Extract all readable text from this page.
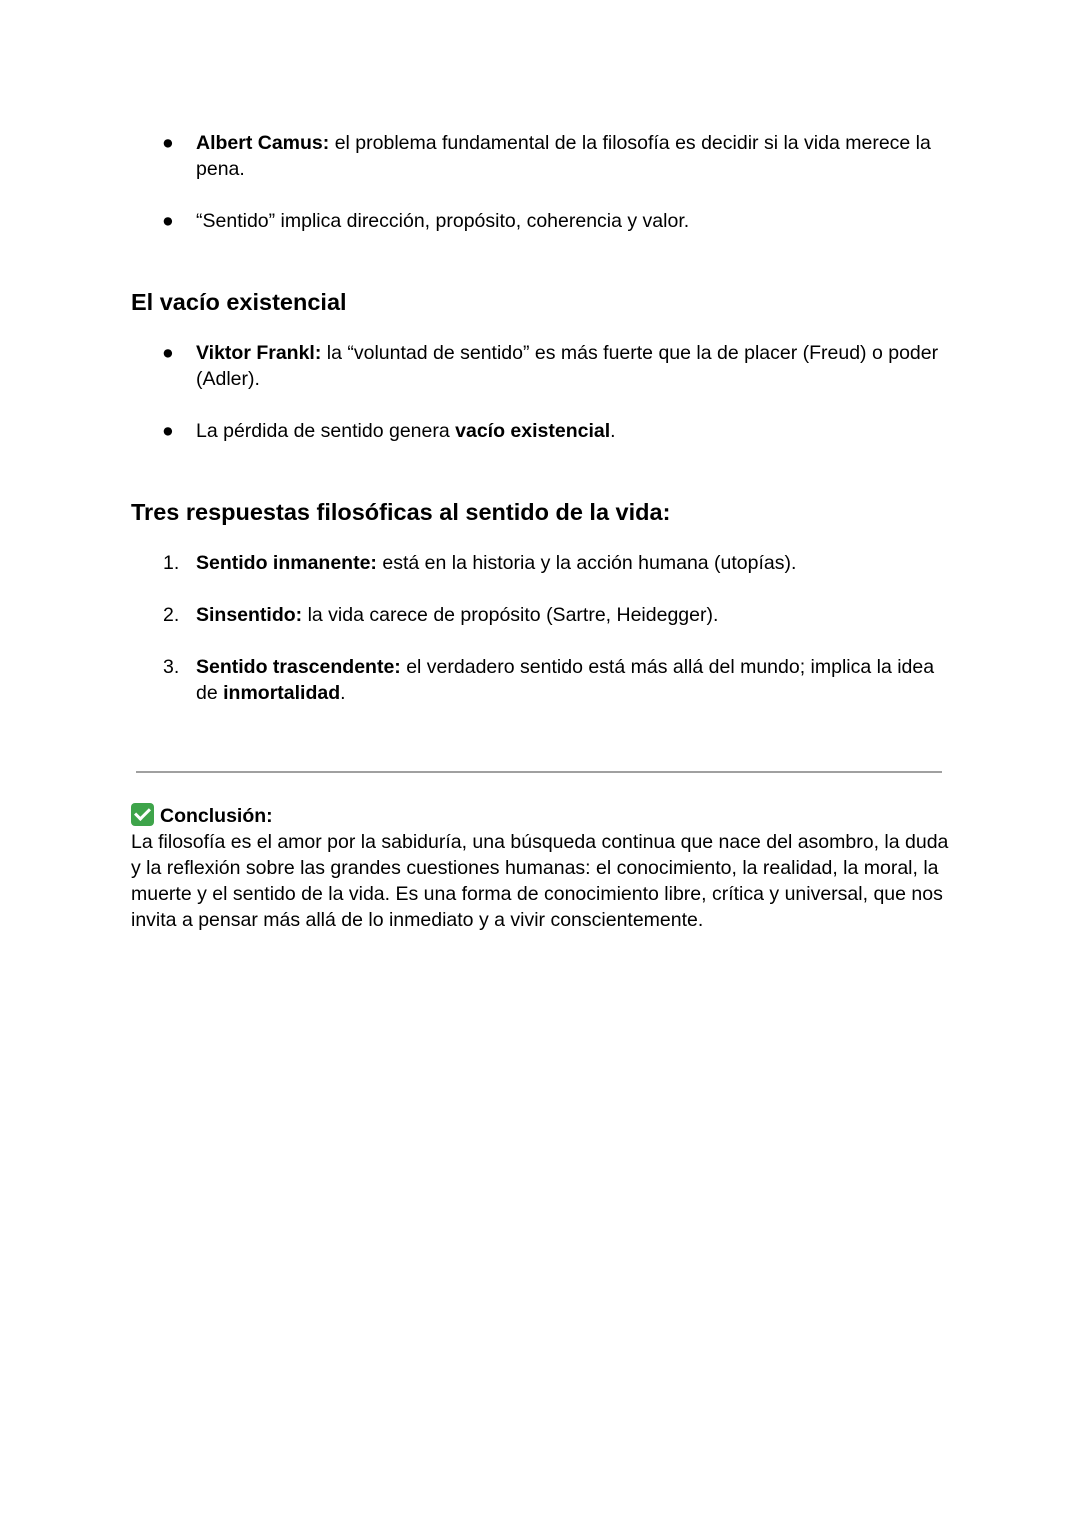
● Albert Camus: el problema fundamental de la filosofía es decidir si la vida merece la pena.
● “Sentido” implica dirección, propósito, coherencia y valor.
El vacío existencial
● Viktor Frankl: la “voluntad de sentido” es más fuerte que la de placer (Freud) o poder (Adler).
● La pérdida de sentido genera vacío existencial.
Tres respuestas filosóficas al sentido de la vida:
1. Sentido inmanente: está en la historia y la acción humana (utopías).
2. Sinsentido: la vida carece de propósito (Sartre, Heidegger).
3. Sentido trascendente: el verdadero sentido está más allá del mundo; implica la idea de inmortalidad.
Conclusión:
La filosofía es el amor por la sabiduría, una búsqueda continua que nace del asombro, la duda y la reflexión sobre las grandes cuestiones humanas: el conocimiento, la realidad, la moral, la muerte y el sentido de la vida. Es una forma de conocimiento libre, crítica y universal, que nos invita a pensar más allá de lo inmediato y a vivir conscientemente.
